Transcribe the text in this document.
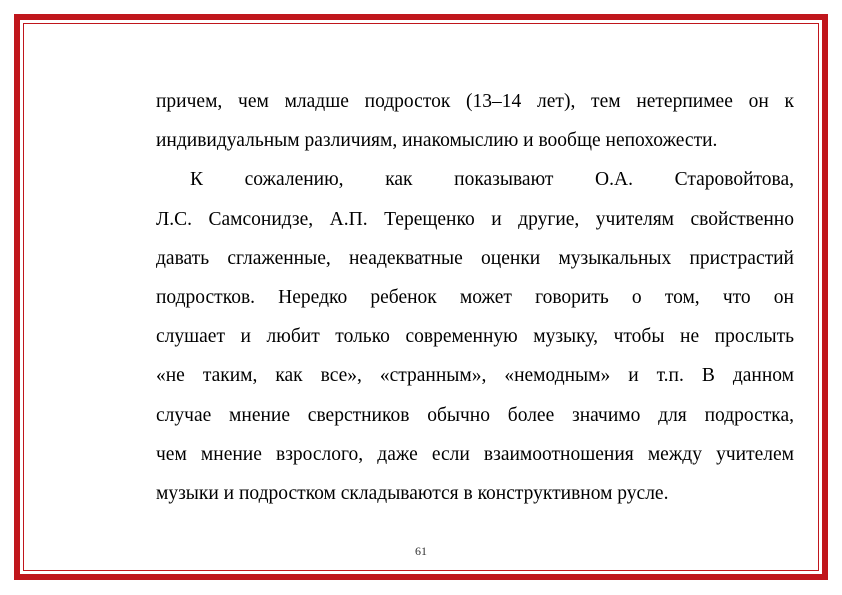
причем, чем младше подросток (13–14 лет), тем нетерпимее он к
индивидуальным различиям, инакомыслию и вообще непохожести.
К сожалению, как показывают О.А. Старовойтова,
Л.С. Самсонидзе, А.П. Терещенко и другие, учителям свойственно
давать сглаженные, неадекватные оценки музыкальных пристрастий
подростков. Нередко ребенок может говорить о том, что он
слушает и любит только современную музыку, чтобы не прослыть
«не таким, как все», «странным», «немодным» и т.п. В данном
случае мнение сверстников обычно более значимо для подростка,
чем мнение взрослого, даже если взаимоотношения между учителем
музыки и подростком складываются в конструктивном русле.
61
